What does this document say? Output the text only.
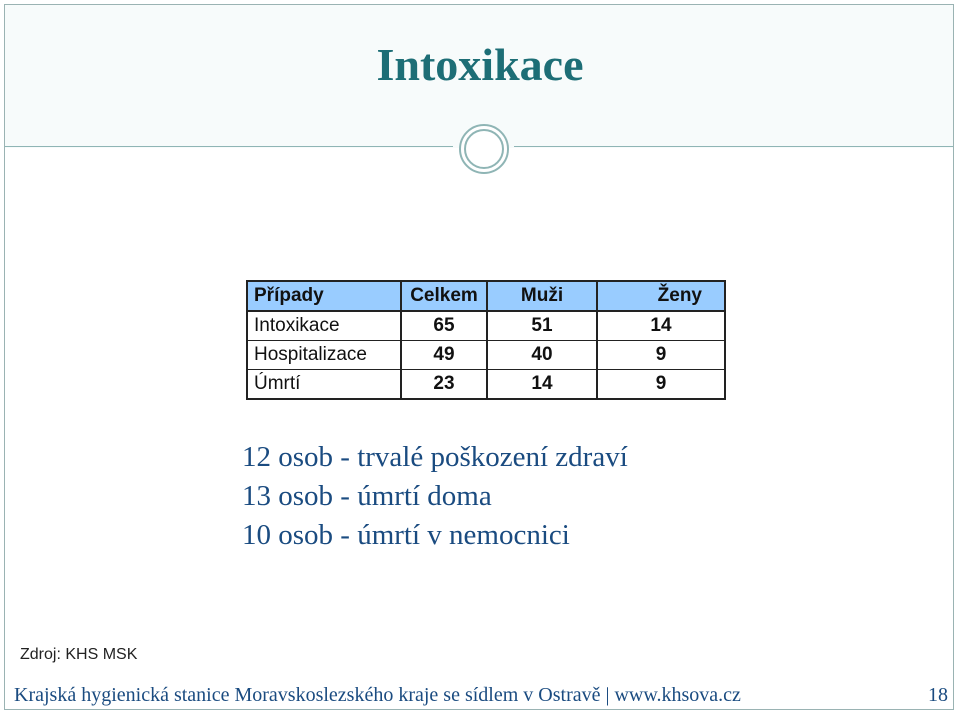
Intoxikace
Případy	Celkem	Muži	Ženy
Intoxikace	65	51	14
Hospitalizace	49	40	9
Úmrtí	23	14	9
12 osob - trvalé poškození zdraví
13 osob - úmrtí doma
10 osob - úmrtí v nemocnici
Zdroj: KHS MSK
Krajská hygienická stanice Moravskoslezského kraje se sídlem v Ostravě | www.khsova.cz	18
